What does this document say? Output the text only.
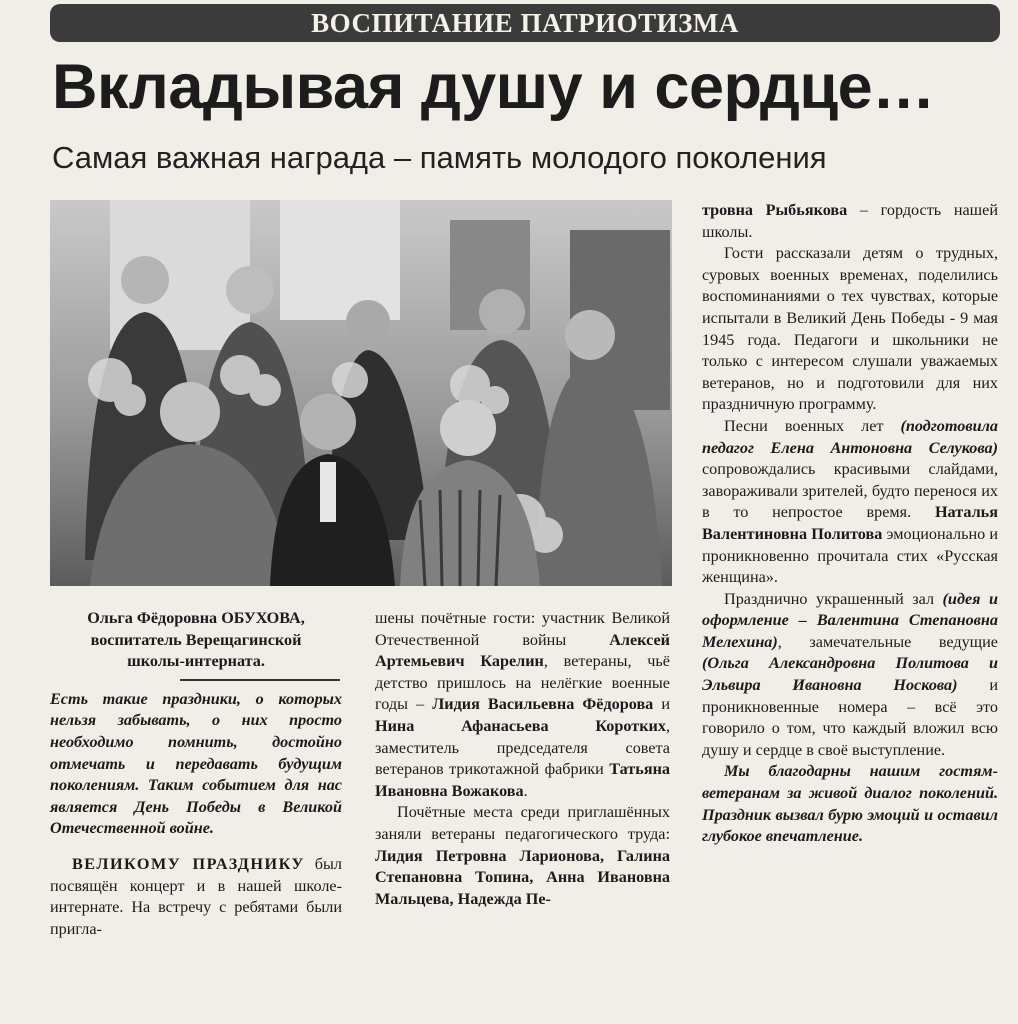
ВОСПИТАНИЕ ПАТРИОТИЗМА
Вкладывая душу и сердце…
Самая важная награда – память молодого поколения
Ольга Фёдоровна ОБУХОВА,
воспитатель Верещагинской
школы-интерната.

Есть такие праздники, о которых нельзя забывать, о них просто необходимо помнить, достойно отмечать и передавать будущим поколениям. Таким событием для нас является День Победы в Великой Отечественной войне.

ВЕЛИКОМУ ПРАЗДНИКУ был посвящён концерт и в нашей школе-интернате. На встречу с ребятами были пригла-

шены почётные гости: участник Великой Отечественной войны Алексей Артемьевич Карелин, ветераны, чьё детство пришлось на нелёгкие военные годы – Лидия Васильевна Фёдорова и Нина Афанасьева Коротких, заместитель председателя совета ветеранов трикотажной фабрики Татьяна Ивановна Вожакова.

Почётные места среди приглашённых заняли ветераны педагогического труда: Лидия Петровна Ларионова, Галина Степановна Топина, Анна Ивановна Мальцева, Надежда Пе-

тровна Рыбьякова – гордость нашей школы.

Гости рассказали детям о трудных, суровых военных временах, поделились воспоминаниями о тех чувствах, которые испытали в Великий День Победы - 9 мая 1945 года. Педагоги и школьники не только с интересом слушали уважаемых ветеранов, но и подготовили для них праздничную программу.

Песни военных лет (подготовила педагог Елена Антоновна Селукова) сопровождались красивыми слайдами, завораживали зрителей, будто перенося их в то непростое время. Наталья Валентиновна Политова эмоционально и проникновенно прочитала стих «Русская женщина».

Празднично украшенный зал (идея и оформление – Валентина Степановна Мелехина), замечательные ведущие (Ольга Александровна Политова и Эльвира Ивановна Носкова) и проникновенные номера – всё это говорило о том, что каждый вложил всю душу и сердце в своё выступление.

Мы благодарны нашим гостям-ветеранам за живой диалог поколений. Праздник вызвал бурю эмоций и оставил глубокое впечатление.
